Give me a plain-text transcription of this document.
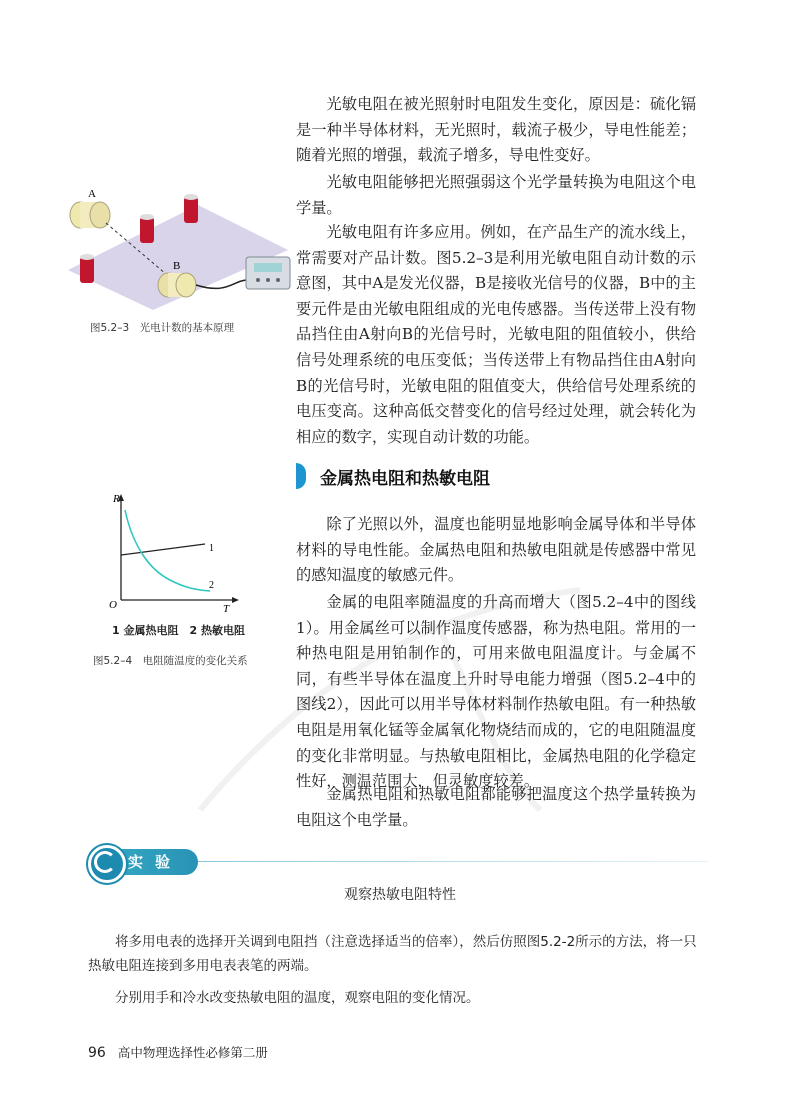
光敏电阻在被光照射时电阻发生变化，原因是：硫化镉是一种半导体材料，无光照时，载流子极少，导电性能差；随着光照的增强，载流子增多，导电性变好。

光敏电阻能够把光照强弱这个光学量转换为电阻这个电学量。

光敏电阻有许多应用。例如，在产品生产的流水线上，常需要对产品计数。图5.2–3是利用光敏电阻自动计数的示意图，其中A是发光仪器，B是接收光信号的仪器，B中的主要元件是由光敏电阻组成的光电传感器。当传送带上没有物品挡住由A射向B的光信号时，光敏电阻的阻值较小，供给信号处理系统的电压变低；当传送带上有物品挡住由A射向B的光信号时，光敏电阻的阻值变大，供给信号处理系统的电压变高。这种高低交替变化的信号经过处理，就会转化为相应的数字，实现自动计数的功能。

A
B
图5.2–3　光电计数的基本原理
金属热电阻和热敏电阻
R
T
O
1
2
1 金属热电阻　2 热敏电阻
图5.2–4　电阻随温度的变化关系

除了光照以外，温度也能明显地影响金属导体和半导体材料的导电性能。金属热电阻和热敏电阻就是传感器中常见的感知温度的敏感元件。

金属的电阻率随温度的升高而增大（图5.2–4中的图线1）。用金属丝可以制作温度传感器，称为热电阻。常用的一种热电阻是用铂制作的，可用来做电阻温度计。与金属不同，有些半导体在温度上升时导电能力增强（图5.2–4中的图线2），因此可以用半导体材料制作热敏电阻。有一种热敏电阻是用氧化锰等金属氧化物烧结而成的，它的电阻随温度的变化非常明显。与热敏电阻相比，金属热电阻的化学稳定性好，测温范围大，但灵敏度较差。

金属热电阻和热敏电阻都能够把温度这个热学量转换为电阻这个电学量。

实验
观察热敏电阻特性

将多用电表的选择开关调到电阻挡（注意选择适当的倍率），然后仿照图5.2-2所示的方法，将一只热敏电阻连接到多用电表表笔的两端。

分别用手和冷水改变热敏电阻的温度，观察电阻的变化情况。

96 高中物理选择性必修第二册
